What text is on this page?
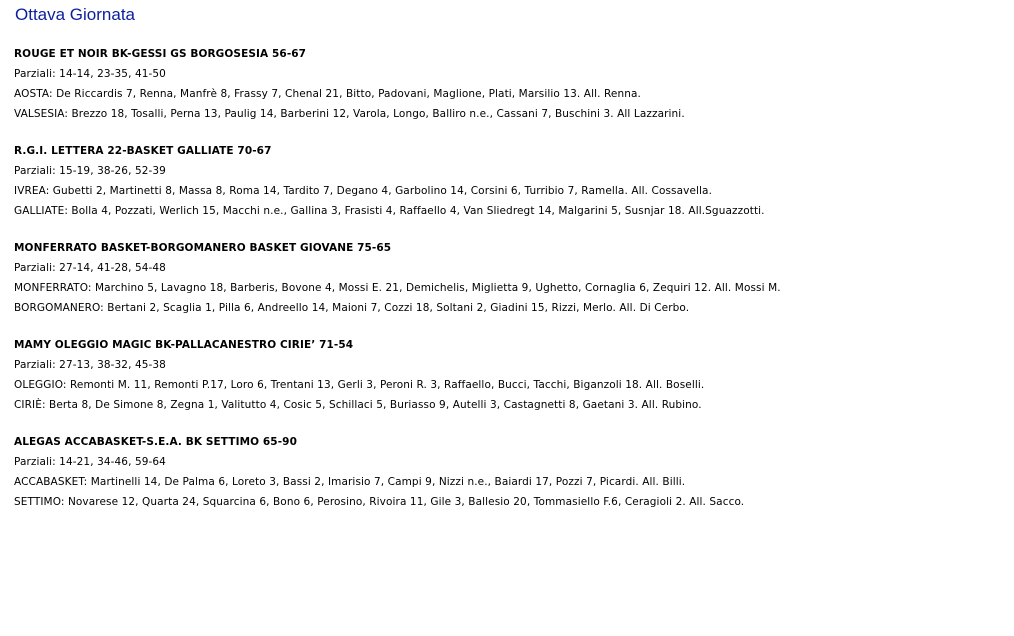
Ottava Giornata
ROUGE ET NOIR BK-GESSI GS BORGOSESIA 56-67
Parziali: 14-14, 23-35, 41-50
AOSTA: De Riccardis 7, Renna, Manfrè 8, Frassy 7, Chenal 21, Bitto, Padovani, Maglione, Plati, Marsilio 13. All. Renna.
VALSESIA: Brezzo 18, Tosalli, Perna 13, Paulig 14, Barberini 12, Varola, Longo, Balliro n.e., Cassani 7, Buschini 3. All Lazzarini.
R.G.I. LETTERA 22-BASKET GALLIATE 70-67
Parziali: 15-19, 38-26, 52-39
IVREA: Gubetti 2, Martinetti 8, Massa 8, Roma 14, Tardito 7, Degano 4, Garbolino 14, Corsini 6, Turribio 7, Ramella. All. Cossavella.
GALLIATE: Bolla 4, Pozzati, Werlich 15, Macchi n.e., Gallina 3, Frasisti 4, Raffaello 4, Van Sliedregt 14, Malgarini 5, Susnjar 18. All.Sguazzotti.
MONFERRATO BASKET-BORGOMANERO BASKET GIOVANE 75-65
Parziali: 27-14, 41-28, 54-48
MONFERRATO: Marchino 5, Lavagno 18, Barberis, Bovone 4, Mossi E. 21, Demichelis, Miglietta 9, Ughetto, Cornaglia 6, Zequiri 12. All. Mossi M.
BORGOMANERO: Bertani 2, Scaglia 1, Pilla 6, Andreello 14, Maioni 7, Cozzi 18, Soltani 2, Giadini 15, Rizzi, Merlo. All. Di Cerbo.
MAMY OLEGGIO MAGIC BK-PALLACANESTRO CIRIE’ 71-54
Parziali: 27-13, 38-32, 45-38
OLEGGIO: Remonti M. 11, Remonti P.17, Loro 6, Trentani 13, Gerli 3, Peroni R. 3, Raffaello, Bucci, Tacchi, Biganzoli 18. All. Boselli.
CIRIÈ: Berta 8, De Simone 8, Zegna 1, Valitutto 4, Cosic 5, Schillaci 5, Buriasso 9, Autelli 3, Castagnetti 8, Gaetani 3. All. Rubino.
ALEGAS ACCABASKET-S.E.A. BK SETTIMO 65-90
Parziali: 14-21, 34-46, 59-64
ACCABASKET: Martinelli 14, De Palma 6, Loreto 3, Bassi 2, Imarisio 7, Campi 9, Nizzi n.e., Baiardi 17, Pozzi 7, Picardi. All. Billi.
SETTIMO: Novarese 12, Quarta 24, Squarcina 6, Bono 6, Perosino, Rivoira 11, Gile 3, Ballesio 20, Tommasiello F.6, Ceragioli 2. All. Sacco.
